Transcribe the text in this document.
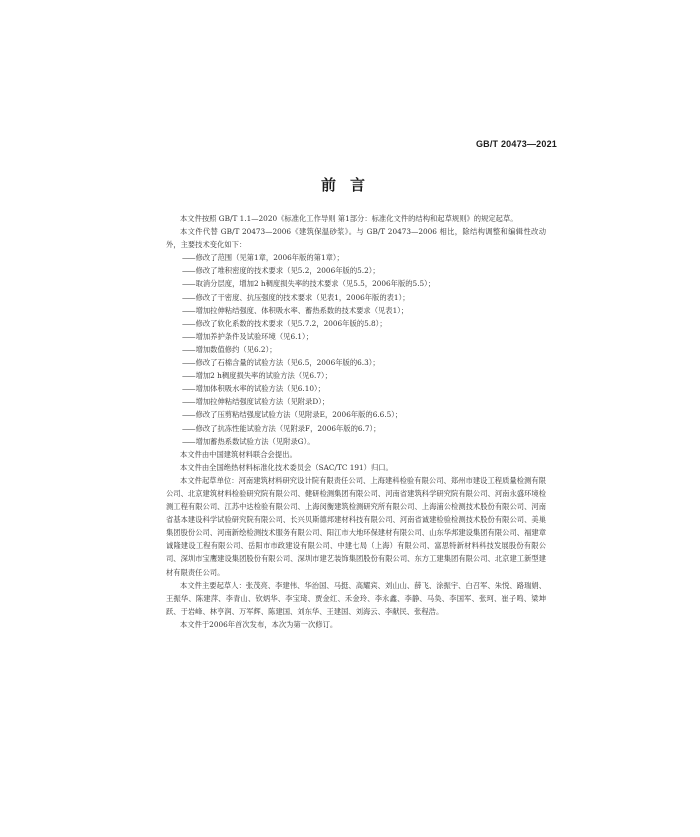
GB/T 20473—2021
前言

本文件按照 GB/T 1.1—2020《标准化工作导则 第1部分：标准化文件的结构和起草规则》的规定起草。

本文件代替 GB/T 20473—2006《建筑保温砂浆》。与 GB/T 20473—2006 相比，除结构调整和编辑性改动外，主要技术变化如下：

—— 修改了范围（见第1章，2006年版的第1章）；

—— 修改了堆积密度的技术要求（见5.2，2006年版的5.2）；

—— 取消分层度，增加2 h稠度损失率的技术要求（见5.5，2006年版的5.5）；

—— 修改了干密度、抗压强度的技术要求（见表1，2006年版的表1）；

—— 增加拉伸粘结强度、体积吸水率、蓄热系数的技术要求（见表1）；

—— 修改了软化系数的技术要求（见5.7.2，2006年版的5.8）；

—— 增加养护条件及试验环境（见6.1）；

—— 增加数值修约（见6.2）；

—— 修改了石棉含量的试验方法（见6.5，2006年版的6.3）；

—— 增加2 h稠度损失率的试验方法（见6.7）；

—— 增加体积吸水率的试验方法（见6.10）；

—— 增加拉伸粘结强度试验方法（见附录D）；

—— 修改了压剪粘结强度试验方法（见附录E，2006年版的6.6.5）；

—— 修改了抗冻性能试验方法（见附录F，2006年版的6.7）；

—— 增加蓄热系数试验方法（见附录G）。

本文件由中国建筑材料联合会提出。

本文件由全国绝热材料标准化技术委员会（SAC/TC 191）归口。

本文件起草单位：河南建筑材料研究设计院有限责任公司、上海建科检验有限公司、郑州市建设工程质量检测有限公司、北京建筑材料检验研究院有限公司、健研检测集团有限公司、河南省建筑科学研究院有限公司、河南永盛环境检测工程有限公司、江苏中达检验有限公司、上海闵衡建筑检测研究所有限公司、上海浦公检测技术股份有限公司、河南省基本建设科学试验研究院有限公司、长兴贝斯德邦建材科技有限公司、河南省诚建检验检测技术股份有限公司、美巢集团股份公司、河南新绘检测技术服务有限公司、阳江市大地环保建材有限公司、山东华邦建设集团有限公司、福建章诚隆建设工程有限公司、岳阳市市政建设有限公司、中建七局（上海）有限公司、富思特新材料科技发展股份有限公司、深圳市宝鹰建设集团股份有限公司、深圳市建艺装饰集团股份有限公司、东方工建集团有限公司、北京建工新型建材有限责任公司。

本文件主要起草人：张茂亮、李建伟、华治国、马挺、高耀宾、刘山山、薛飞、涂振宇、白召军、朱悦、路瑞娟、王振华、陈建萍、李青山、钦炳华、李宝琦、贾金红、禾金玲、李永鑫、李静、马奂、李国军、张珂、崔子鸣、梁坤跃、于岩峰、林亨润、万军辉、陈建国、刘东华、王建国、刘海云、李献民、张程浩。

本文件于2006年首次发布，本次为第一次修订。
